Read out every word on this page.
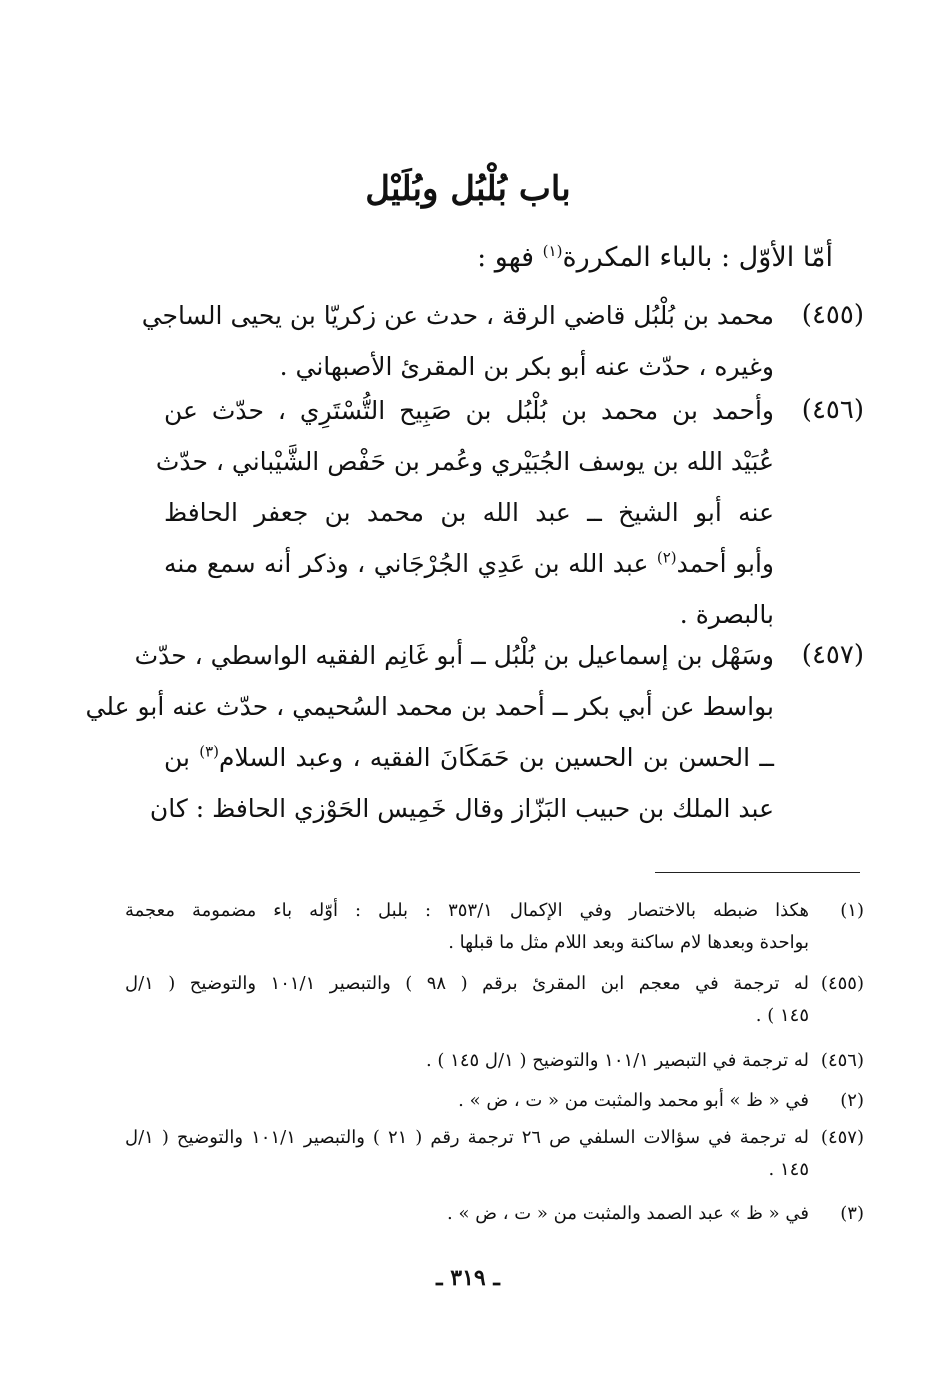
باب بُلْبُل وبُلَيْل
أمّا الأوّل : بالباء المكررة$^{(١)}$ فهو :
(٤٥٥)
محمد بن بُلْبُل قاضي الرقة ، حدث عن زكريّا بن يحيى الساجي
وغيره ، حدّث عنه أبو بكر بن المقرئ الأصبهاني .
(٤٥٦)
وأحمد بن محمد بن بُلْبُل بن صَبِيح التُّسْتَرِي ، حدّث عن
عُبَيْد الله بن يوسف الجُبَيْري وعُمر بن حَفْص الشَّيْباني ، حدّث
عنه أبو الشيخ ــ عبد الله بن محمد بن جعفر الحافظ
وأبو أحمد$^{(٢)}$ عبد الله بن عَدِي الجُرْجَاني ، وذكر أنه سمع منه
بالبصرة .
(٤٥٧)
وسَهْل بن إسماعيل بن بُلْبُل ــ أبو غَانِم الفقيه الواسطي ، حدّث
بواسط عن أبي بكر ــ أحمد بن محمد السُحيمي ، حدّث عنه أبو علي
ــ الحسن بن الحسين بن حَمَكَانَ الفقيه ، وعبد السلام$^{(٣)}$ بن
عبد الملك بن حبيب البَزّاز وقال خَمِيس الحَوْزي الحافظ : كان
(١)
هكذا ضبطه بالاختصار وفي الإكمال ٣٥٣/١ : بلبل : أوّله باء مضمومة معجمة
بواحدة وبعدها لام ساكنة وبعد اللام مثل ما قبلها .
(٤٥٥)
له ترجمة في معجم ابن المقرئ برقم ( ٩٨ ) والتبصير ١٠١/١ والتوضيح ( ١/ل
١٤٥ ) .
(٤٥٦)
له ترجمة في التبصير ١٠١/١ والتوضيح ( ١/ل ١٤٥ ) .
(٢)
في « ظ » أبو محمد والمثبت من « ت ، ض » .
(٤٥٧)
له ترجمة في سؤالات السلفي ص ٢٦ ترجمة رقم ( ٢١ ) والتبصير ١٠١/١ والتوضيح ( ١/ل
١٤٥ .
(٣)
في « ظ » عبد الصمد والمثبت من « ت ، ض » .
ـ ٣١٩ ـ
